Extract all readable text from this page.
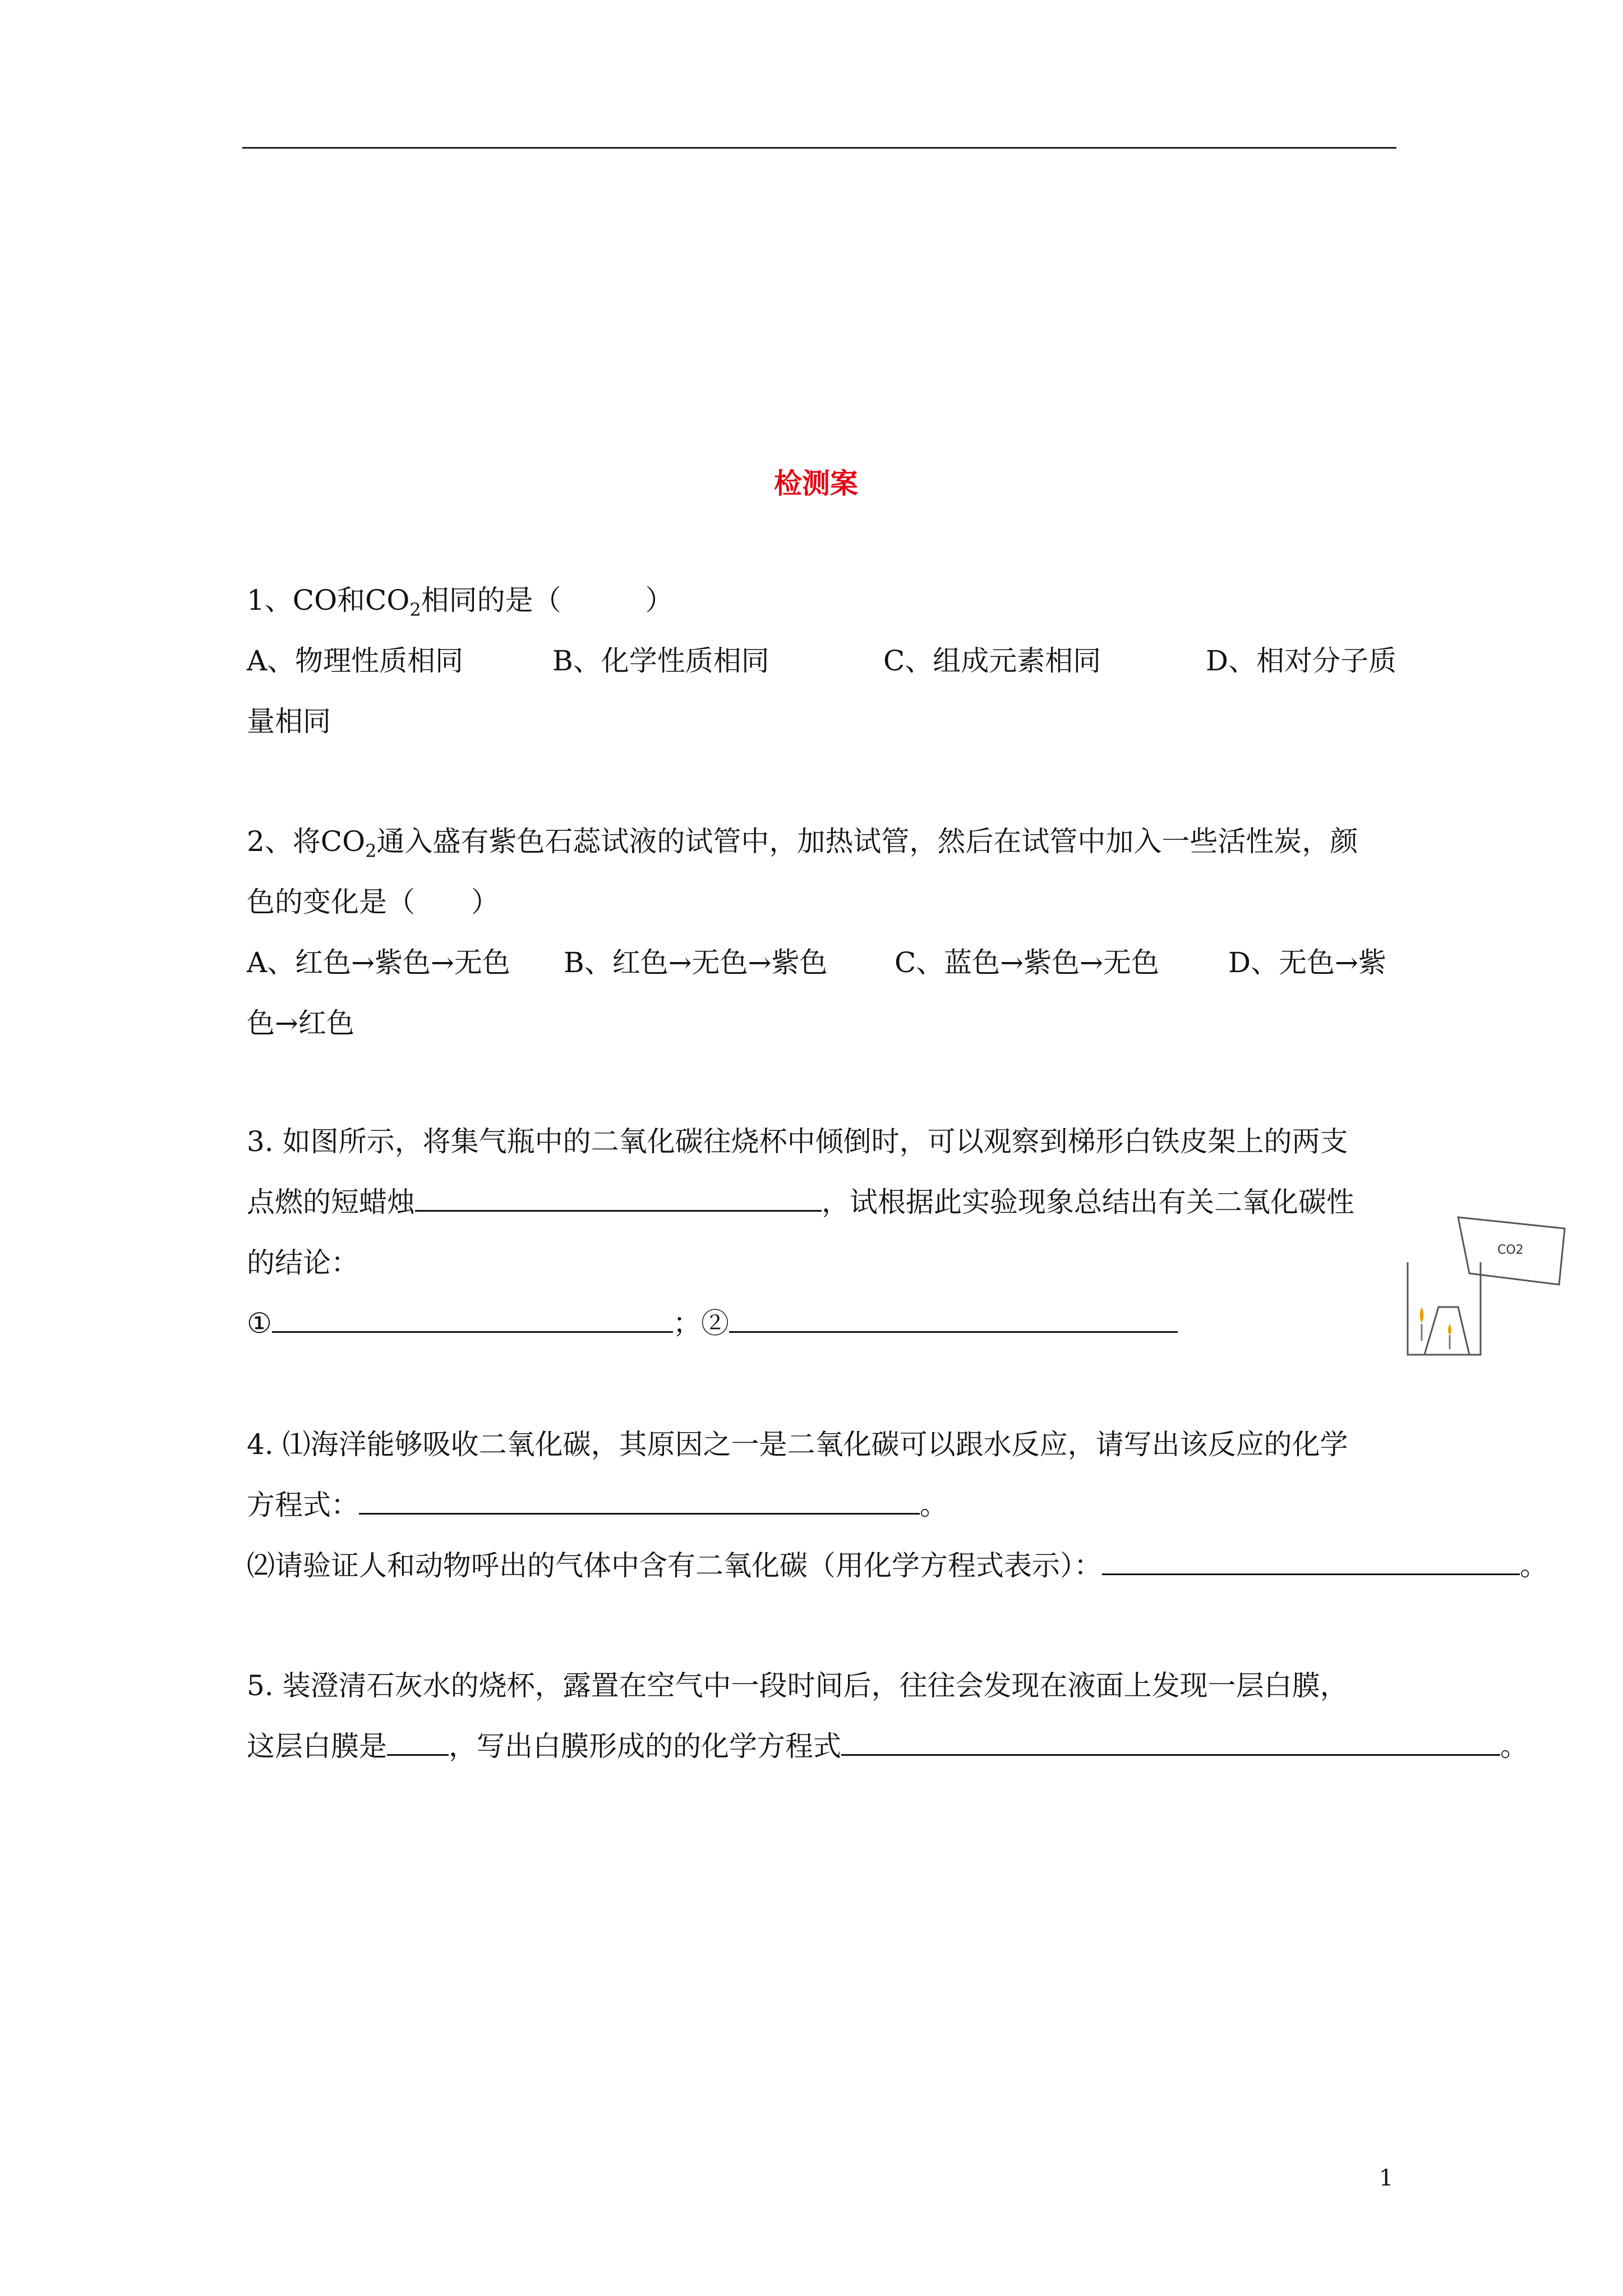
检测案
1、CO和$CO_2$相同的是（　　　）
A、物理性质相同	B、化学性质相同	C、组成元素相同	D、相对分子质
量相同
2、将$CO_2$通入盛有紫色石蕊试液的试管中，加热试管，然后在试管中加入一些活性炭，颜
色的变化是（　　）
A、红色→紫色→无色 B、红色→无色→紫色 C、蓝色→紫色→无色 D、无色→紫
色→红色
3. 如图所示，将集气瓶中的二氧化碳往烧杯中倾倒时，可以观察到梯形白铁皮架上的两支
点燃的短蜡烛	，试根据此实验现象总结出有关二氧化碳性
的结论：
①	；②
CO2
4. ⑴海洋能够吸收二氧化碳，其原因之一是二氧化碳可以跟水反应，请写出该反应的化学
方程式：	。
⑵请验证人和动物呼出的气体中含有二氧化碳（用化学方程式表示）：	。
5. 装澄清石灰水的烧杯，露置在空气中一段时间后，往往会发现在液面上发现一层白膜，
这层白膜是 ，写出白膜形成的的化学方程式	。
1
